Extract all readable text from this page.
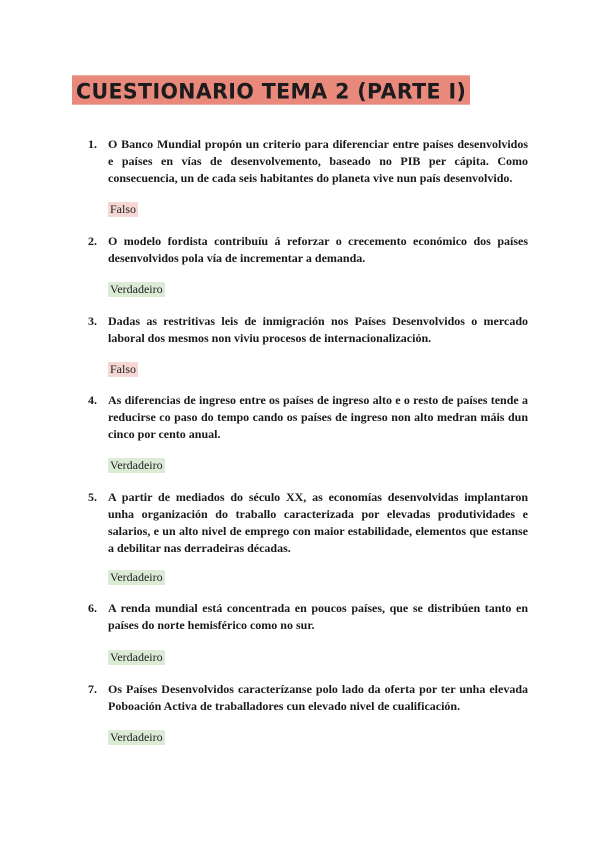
CUESTIONARIO TEMA 2 (PARTE I)
1. O Banco Mundial propón un criterio para diferenciar entre países desenvolvidos e países en vías de desenvolvemento, baseado no PIB per cápita. Como consecuencia, un de cada seis habitantes do planeta vive nun país desenvolvido.
Falso
2. O modelo fordista contribuíu á reforzar o crecemento económico dos países desenvolvidos pola vía de incrementar a demanda.
Verdadeiro
3. Dadas as restritivas leis de inmigración nos Países Desenvolvidos o mercado laboral dos mesmos non viviu procesos de internacionalización.
Falso
4. As diferencias de ingreso entre os países de ingreso alto e o resto de países tende a reducirse co paso do tempo cando os países de ingreso non alto medran máis dun cinco por cento anual.
Verdadeiro
5. A partir de mediados do século XX, as economías desenvolvidas implantaron unha organización do traballo caracterizada por elevadas produtividades e salarios, e un alto nivel de emprego con maior estabilidade, elementos que estanse a debilitar nas derradeiras décadas.
Verdadeiro
6. A renda mundial está concentrada en poucos países, que se distribúen tanto en países do norte hemisférico como no sur.
Verdadeiro
7. Os Países Desenvolvidos caracterízanse polo lado da oferta por ter unha elevada Poboación Activa de traballadores cun elevado nivel de cualificación.
Verdadeiro
